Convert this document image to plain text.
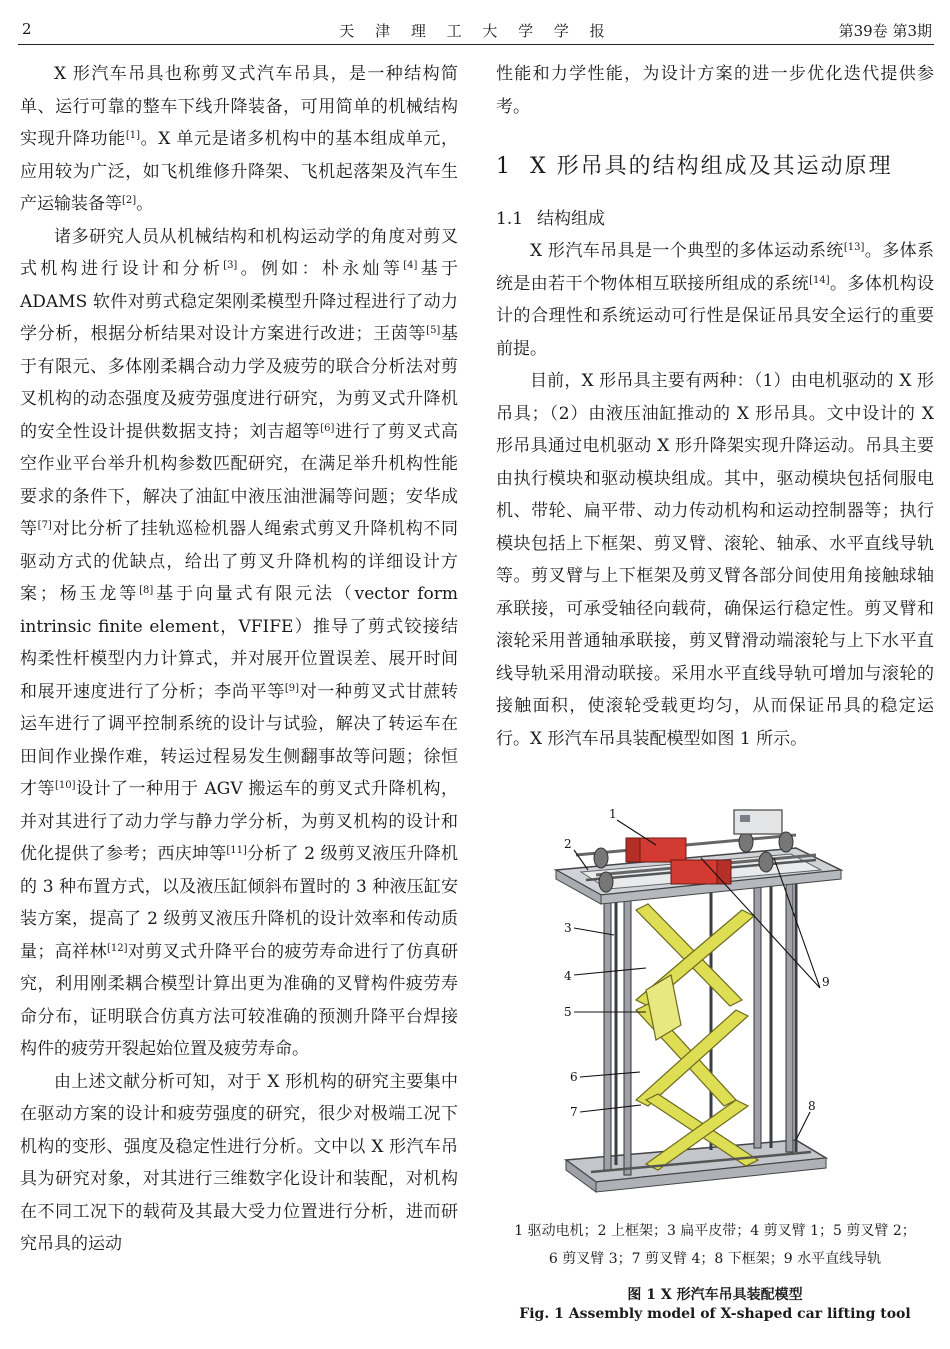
2	天 津 理 工 大 学 学 报	第39卷 第3期

X 形汽车吊具也称剪叉式汽车吊具，是一种结构简单、运行可靠的整车下线升降装备，可用简单的机械结构实现升降功能[1]。X 单元是诸多机构中的基本组成单元，应用较为广泛，如飞机维修升降架、飞机起落架及汽车生产运输装备等[2]。

诸多研究人员从机械结构和机构运动学的角度对剪叉式机构进行设计和分析[3]。例如：朴永灿等[4]基于 ADAMS 软件对剪式稳定架刚柔模型升降过程进行了动力学分析，根据分析结果对设计方案进行改进；王茵等[5]基于有限元、多体刚柔耦合动力学及疲劳的联合分析法对剪叉机构的动态强度及疲劳强度进行研究，为剪叉式升降机的安全性设计提供数据支持；刘吉超等[6]进行了剪叉式高空作业平台举升机构参数匹配研究，在满足举升机构性能要求的条件下，解决了油缸中液压油泄漏等问题；安华成等[7]对比分析了挂轨巡检机器人绳索式剪叉升降机构不同驱动方式的优缺点，给出了剪叉升降机构的详细设计方案；杨玉龙等[8]基于向量式有限元法（vector form intrinsic finite element，VFIFE）推导了剪式铰接结构柔性杆模型内力计算式，并对展开位置误差、展开时间和展开速度进行了分析；李尚平等[9]对一种剪叉式甘蔗转运车进行了调平控制系统的设计与试验，解决了转运车在田间作业操作难，转运过程易发生侧翻事故等问题；徐恒才等[10]设计了一种用于 AGV 搬运车的剪叉式升降机构，并对其进行了动力学与静力学分析，为剪叉机构的设计和优化提供了参考；西庆坤等[11]分析了 2 级剪叉液压升降机的 3 种布置方式，以及液压缸倾斜布置时的 3 种液压缸安装方案，提高了 2 级剪叉液压升降机的设计效率和传动质量；高祥林[12]对剪叉式升降平台的疲劳寿命进行了仿真研究，利用刚柔耦合模型计算出更为准确的叉臂构件疲劳寿命分布，证明联合仿真方法可较准确的预测升降平台焊接构件的疲劳开裂起始位置及疲劳寿命。

由上述文献分析可知，对于 X 形机构的研究主要集中在驱动方案的设计和疲劳强度的研究，很少对极端工况下机构的变形、强度及稳定性进行分析。文中以 X 形汽车吊具为研究对象，对其进行三维数字化设计和装配，对机构在不同工况下的载荷及其最大受力位置进行分析，进而研究吊具的运动

性能和力学性能，为设计方案的进一步优化迭代提供参考。

1 X 形吊具的结构组成及其运动原理
1.1 结构组成

X 形汽车吊具是一个典型的多体运动系统[13]。多体系统是由若干个物体相互联接所组成的系统[14]。多体机构设计的合理性和系统运动可行性是保证吊具安全运行的重要前提。

目前，X 形吊具主要有两种：（1）由电机驱动的 X 形吊具；（2）由液压油缸推动的 X 形吊具。文中设计的 X 形吊具通过电机驱动 X 形升降架实现升降运动。吊具主要由执行模块和驱动模块组成。其中，驱动模块包括伺服电机、带轮、扁平带、动力传动机构和运动控制器等；执行模块包括上下框架、剪叉臂、滚轮、轴承、水平直线导轨等。剪叉臂与上下框架及剪叉臂各部分间使用角接触球轴承联接，可承受轴径向载荷，确保运行稳定性。剪叉臂和滚轮采用普通轴承联接，剪叉臂滑动端滚轮与上下水平直线导轨采用滑动联接。采用水平直线导轨可增加与滚轮的接触面积，使滚轮受载更均匀，从而保证吊具的稳定运行。X 形汽车吊具装配模型如图 1 所示。

1
2
3
4
5
6
7	8
9
1 驱动电机；2 上框架；3 扁平皮带；4 剪叉臂 1；5 剪叉臂 2；
6 剪叉臂 3；7 剪叉臂 4；8 下框架；9 水平直线导轨
图 1 X 形汽车吊具装配模型
Fig. 1 Assembly model of X-shaped car lifting tool
